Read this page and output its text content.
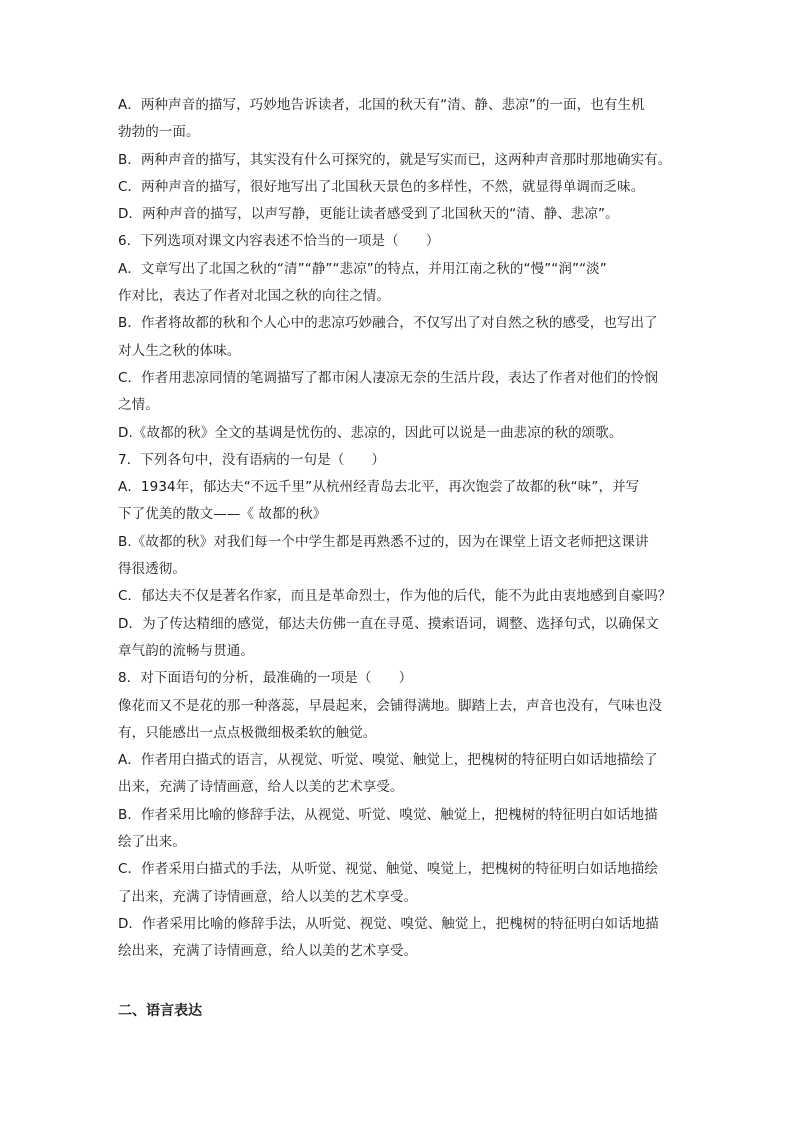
A．两种声音的描写，巧妙地告诉读者，北国的秋天有“清、静、悲凉”的一面，也有生机
勃勃的一面。
B．两种声音的描写，其实没有什么可探究的，就是写实而已，这两种声音那时那地确实有。
C．两种声音的描写，很好地写出了北国秋天景色的多样性，不然，就显得单调而乏味。
D．两种声音的描写，以声写静，更能让读者感受到了北国秋天的“清、静、悲凉”。
6．下列选项对课文内容表述不恰当的一项是（　　）
A．文章写出了北国之秋的“清”“静”“悲凉”的特点，并用江南之秋的“慢”“润”“淡”
作对比，表达了作者对北国之秋的向往之情。
B．作者将故都的秋和个人心中的悲凉巧妙融合，不仅写出了对自然之秋的感受，也写出了
对人生之秋的体味。
C．作者用悲凉同情的笔调描写了都市闲人凄凉无奈的生活片段，表达了作者对他们的怜悯
之情。
D.《故都的秋》全文的基调是忧伤的、悲凉的，因此可以说是一曲悲凉的秋的颂歌。
7．下列各句中，没有语病的一句是（　　）
A．1934年，郁达夫“不远千里”从杭州经青岛去北平，再次饱尝了故都的秋“味”，并写
下了优美的散文——《 故都的秋》
B.《故都的秋》对我们每一个中学生都是再熟悉不过的，因为在课堂上语文老师把这课讲
得很透彻。
C．郁达夫不仅是著名作家，而且是革命烈士，作为他的后代，能不为此由衷地感到自豪吗？
D．为了传达精细的感觉，郁达夫仿佛一直在寻觅、摸索语词，调整、选择句式，以确保文
章气韵的流畅与贯通。
8．对下面语句的分析，最准确的一项是（　　）
像花而又不是花的那一种落蕊，早晨起来，会铺得满地。脚踏上去，声音也没有，气味也没
有，只能感出一点点极微细极柔软的触觉。
A．作者用白描式的语言，从视觉、听觉、嗅觉、触觉上，把槐树的特征明白如话地描绘了
出来，充满了诗情画意，给人以美的艺术享受。
B．作者采用比喻的修辞手法，从视觉、听觉、嗅觉、触觉上，把槐树的特征明白如话地描
绘了出来。
C．作者采用白描式的手法，从听觉、视觉、触觉、嗅觉上，把槐树的特征明白如话地描绘
了出来，充满了诗情画意，给人以美的艺术享受。
D．作者采用比喻的修辞手法，从听觉、视觉、嗅觉、触觉上，把槐树的特征明白如话地描
绘出来，充满了诗情画意，给人以美的艺术享受。
二、语言表达
